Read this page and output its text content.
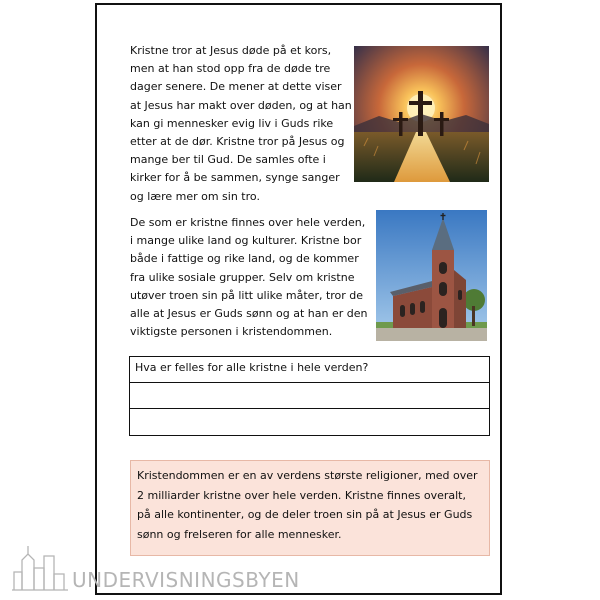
Kristne tror at Jesus døde på et kors, men at han stod opp fra de døde tre dager senere. De mener at dette viser at Jesus har makt over døden, og at han kan gi mennesker evig liv i Guds rike etter at de dør. Kristne tror på Jesus og mange ber til Gud. De samles ofte i kirker for å be sammen, synge sanger og lære mer om sin tro.

De som er kristne finnes over hele verden, i mange ulike land og kulturer. Kristne bor både i fattige og rike land, og de kommer fra ulike sosiale grupper. Selv om kristne utøver troen sin på litt ulike måter, tror de alle at Jesus er Guds sønn og at han er den viktigste personen i kristendommen.

Hva er felles for alle kristne i hele verden?
Kristendommen er en av verdens største religioner, med over 2 milliarder kristne over hele verden. Kristne finnes overalt, på alle kontinenter, og de deler troen sin på at Jesus er Guds sønn og frelseren for alle mennesker.
UNDERVISNINGSBYEN
